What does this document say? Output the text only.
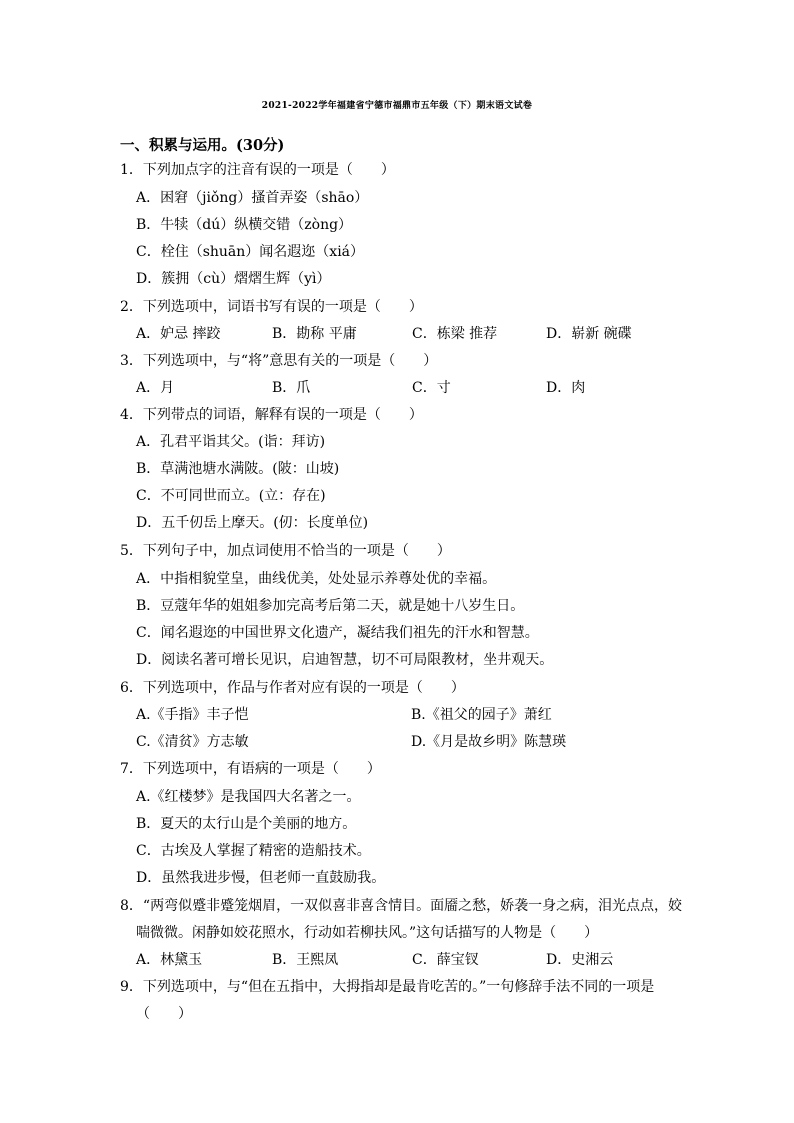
2021-2022学年福建省宁德市福鼎市五年级（下）期末语文试卷
一、积累与运用。(30分)
1．下列加点字的注音有误的一项是（　　）
A．困窘（jiǒng）搔首弄姿（shāo）
B．牛犊（dú）纵横交错（zòng）
C．栓住（shuān）闻名遐迩（xiá）
D．簇拥（cù）熠熠生辉（yì）
2．下列选项中，词语书写有误的一项是（　　）
A．妒忌 摔跤	B．勘称 平庸	C．栋梁 推荐	D．崭新 碗碟
3．下列选项中，与“将”意思有关的一项是（　　）
A．月	B．爪	C．寸	D．肉
4．下列带点的词语，解释有误的一项是（　　）
A．孔君平诣其父。(诣：拜访)
B．草满池塘水满陂。(陂：山坡)
C．不可同世而立。(立：存在)
D．五千仞岳上摩天。(仞：长度单位)
5．下列句子中，加点词使用不恰当的一项是（　　）
A．中指相貌堂皇，曲线优美，处处显示养尊处优的幸福。
B．豆蔻年华的姐姐参加完高考后第二天，就是她十八岁生日。
C．闻名遐迩的中国世界文化遗产，凝结我们祖先的汗水和智慧。
D．阅读名著可增长见识，启迪智慧，切不可局限教材，坐井观天。
6．下列选项中，作品与作者对应有误的一项是（　　）
A.《手指》丰子恺	B.《祖父的园子》萧红
C.《清贫》方志敏	D.《月是故乡明》陈慧瑛
7．下列选项中，有语病的一项是（　　）
A.《红楼梦》是我国四大名著之一。
B．夏天的太行山是个美丽的地方。
C．古埃及人掌握了精密的造船技术。
D．虽然我进步慢，但老师一直鼓励我。
8．“两弯似蹙非蹙笼烟眉，一双似喜非喜含情目。面靥之愁，娇袭一身之病，泪光点点，姣
喘微微。闲静如姣花照水，行动如若柳扶风。”这句话描写的人物是（　　）
A．林黛玉	B．王熙凤	C．薛宝钗	D．史湘云
9．下列选项中，与“但在五指中，大拇指却是最肯吃苦的。”一句修辞手法不同的一项是
（　　）
